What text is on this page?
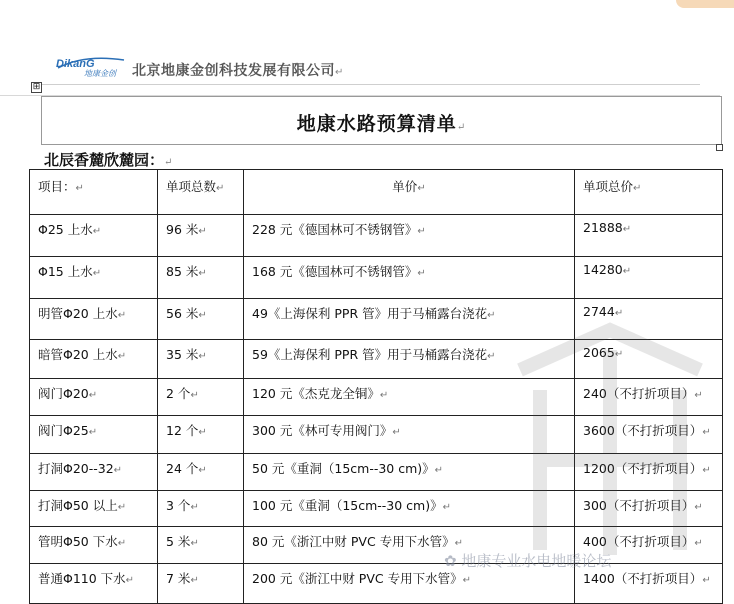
DikanG
地康金创 北京地康金创科技发展有限公司↵
⊞
地康水路预算清单↵
北辰香麓欣麓园：↵
项目：↵	单项总数↵	单价↵	单项总价↵
Φ25 上水↵	96 米↵	228 元《德国林可不锈钢管》↵	21888↵
Φ15 上水↵	85 米↵	168 元《德国林可不锈钢管》↵	14280↵
明管Φ20 上水↵	56 米↵	49《上海保利 PPR 管》用于马桶露台浇花↵	2744↵
暗管Φ20 上水↵	35 米↵	59《上海保利 PPR 管》用于马桶露台浇花↵	2065↵
阀门Φ20↵	2 个↵	120 元《杰克龙全铜》↵	240（不打折项目）↵
阀门Φ25↵	12 个↵	300 元《林可专用阀门》↵	3600（不打折项目）↵
打洞Φ20--32↵	24 个↵	50 元《重洞（15cm--30 cm)》↵	1200（不打折项目）↵
打洞Φ50 以上↵	3 个↵	100 元《重洞（15cm--30 cm)》↵	300（不打折项目）↵
管明Φ50 下水↵	5 米↵	80 元《浙江中财 PVC 专用下水管》↵	400（不打折项目）↵
普通Φ110 下水↵	7 米↵	200 元《浙江中财 PVC 专用下水管》↵	1400（不打折项目）↵
✿ 地康专业水电地暖论坛
